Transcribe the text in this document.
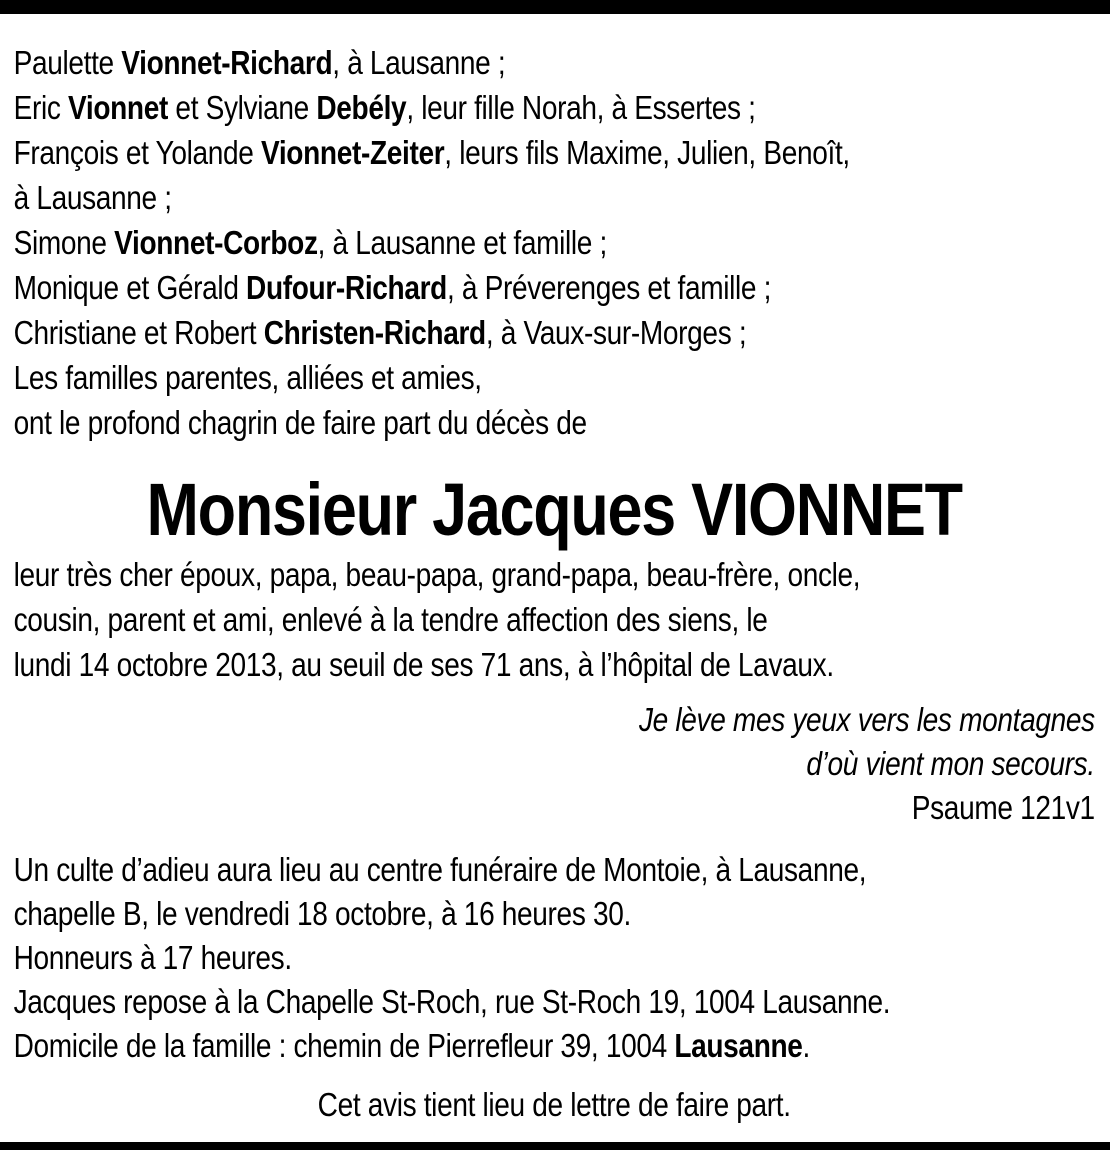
Paulette Vionnet-Richard, à Lausanne ;
Eric Vionnet et Sylviane Debély, leur fille Norah, à Essertes ;
François et Yolande Vionnet-Zeiter, leurs fils Maxime, Julien, Benoît,
à Lausanne ;
Simone Vionnet-Corboz, à Lausanne et famille ;
Monique et Gérald Dufour-Richard, à Préverenges et famille ;
Christiane et Robert Christen-Richard, à Vaux-sur-Morges ;
Les familles parentes, alliées et amies,
ont le profond chagrin de faire part du décès de
Monsieur Jacques VIONNET
leur très cher époux, papa, beau-papa, grand-papa, beau-frère, oncle,
cousin, parent et ami, enlevé à la tendre affection des siens, le
lundi 14 octobre 2013, au seuil de ses 71 ans, à l’hôpital de Lavaux.
Je lève mes yeux vers les montagnes
d’où vient mon secours.
Psaume 121v1
Un culte d’adieu aura lieu au centre funéraire de Montoie, à Lausanne,
chapelle B, le vendredi 18 octobre, à 16 heures 30.
Honneurs à 17 heures.
Jacques repose à la Chapelle St-Roch, rue St-Roch 19, 1004 Lausanne.
Domicile de la famille : chemin de Pierrefleur 39, 1004 Lausanne.
Cet avis tient lieu de lettre de faire part.
